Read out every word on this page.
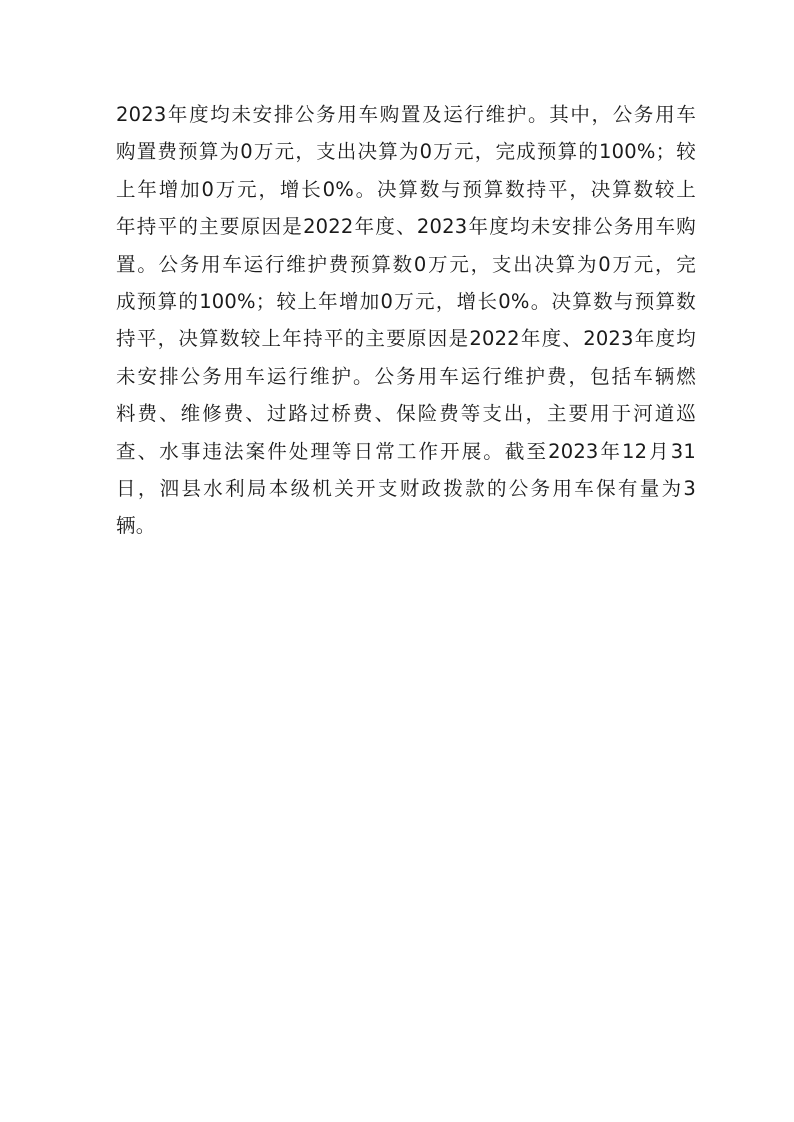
2023年度均未安排公务用车购置及运行维护。其中，公务用车
购置费预算为0万元，支出决算为0万元，完成预算的100%；较
上年增加0万元，增长0%。决算数与预算数持平，决算数较上
年持平的主要原因是2022年度、2023年度均未安排公务用车购
置。公务用车运行维护费预算数0万元，支出决算为0万元，完
成预算的100%；较上年增加0万元，增长0%。决算数与预算数
持平，决算数较上年持平的主要原因是2022年度、2023年度均
未安排公务用车运行维护。公务用车运行维护费，包括车辆燃
料费、维修费、过路过桥费、保险费等支出，主要用于河道巡
查、水事违法案件处理等日常工作开展。截至2023年12月31
日，泗县水利局本级机关开支财政拨款的公务用车保有量为3
辆。
